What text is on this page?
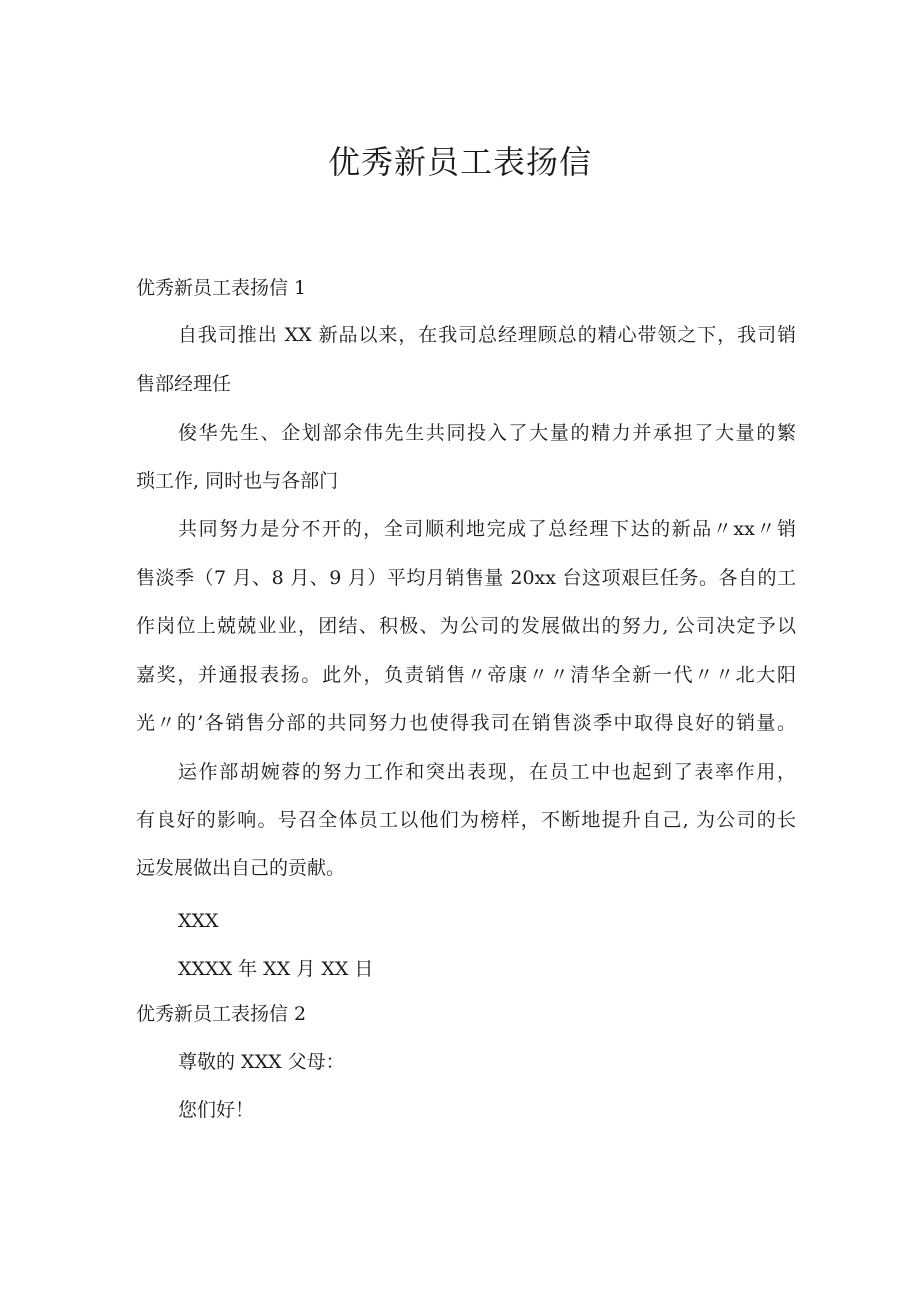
优秀新员工表扬信
优秀新员工表扬信 1
自我司推出 XX 新品以来，在我司总经理顾总的精心带领之下，我司销
售部经理任
俊华先生、企划部余伟先生共同投入了大量的精力并承担了大量的繁
琐工作, 同时也与各部门
共同努力是分不开的，全司顺利地完成了总经理下达的新品〃xx〃销
售淡季（7 月、8 月、9 月）平均月销售量 20xx 台这项艰巨任务。各自的工
作岗位上兢兢业业，团结、积极、为公司的发展做出的努力, 公司决定予以
嘉奖，并通报表扬。此外，负责销售〃帝康〃〃清华全新一代〃〃北大阳
光〃的’各销售分部的共同努力也使得我司在销售淡季中取得良好的销量。
运作部胡婉蓉的努力工作和突出表现，在员工中也起到了表率作用，
有良好的影响。号召全体员工以他们为榜样，不断地提升自己, 为公司的长
远发展做出自己的贡献。
XXX
XXXX 年 XX 月 XX 日
优秀新员工表扬信 2
尊敬的 XXX 父母：
您们好！
